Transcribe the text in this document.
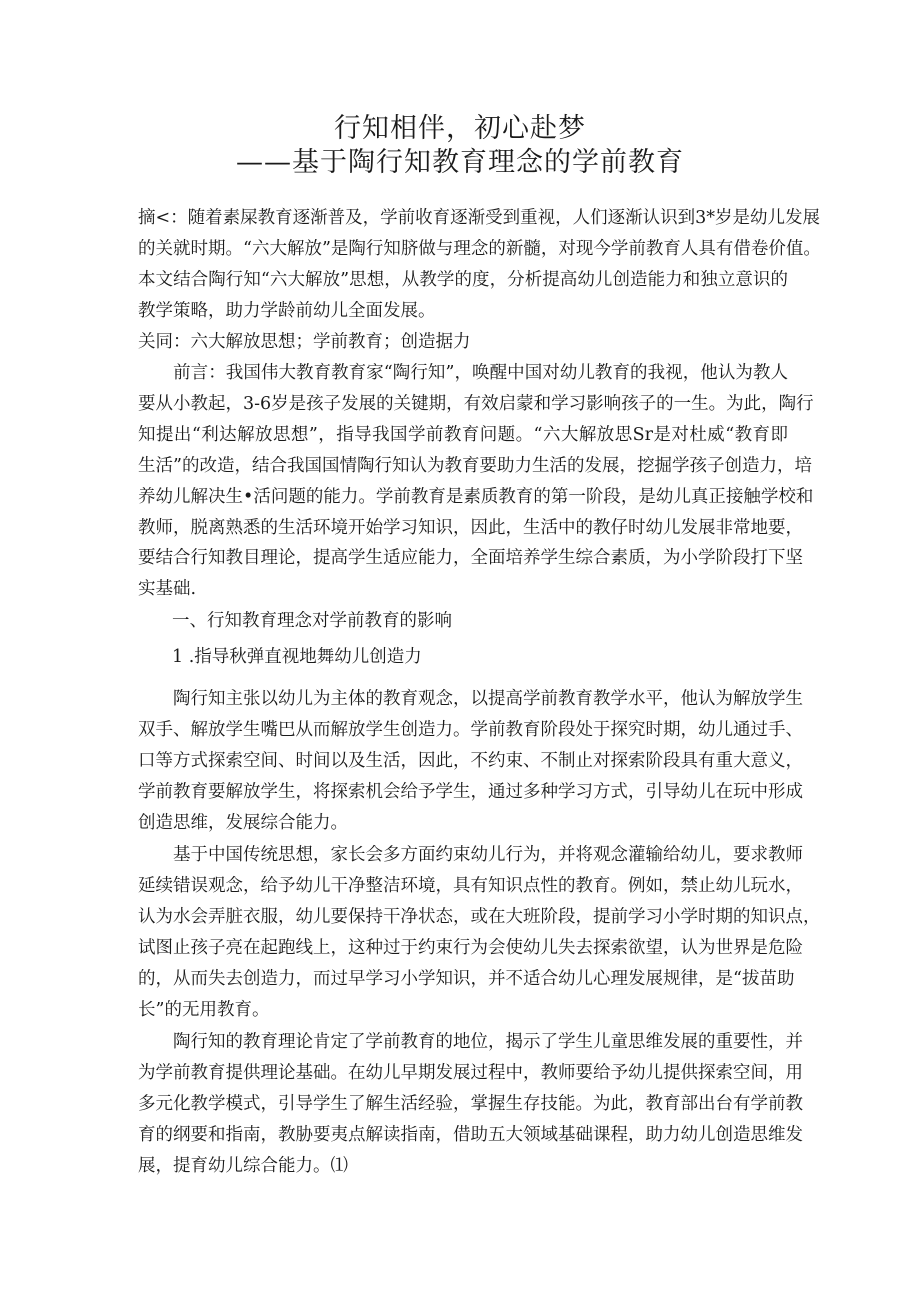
行知相伴，初心赴梦
——基于陶行知教育理念的学前教育
摘<：随着素屎教育逐渐普及，学前收育逐渐受到重视，人们逐渐认识到3*岁是幼儿发展
的关就时期。“六大解放”是陶行知脐做与理念的新髓，对现今学前教育人具有借卷价值。
本文结合陶行知“六大解放”思想，从教学的度，分析提高幼儿创造能力和独立意识的
教学策略，助力学龄前幼儿全面发展。
关同：六大解放思想；学前教育；创造据力
　　前言：我国伟大教育教育家“陶行知”，唤醒中国对幼儿教育的我视，他认为教人
要从小教起，3-6岁是孩子发展的关键期，有效启蒙和学习影响孩子的一生。为此，陶行
知提出“利达解放思想”，指导我国学前教育问题。“六大解放思Sr是对杜威“教育即
生活”的改造，结合我国国情陶行知认为教育要助力生活的发展，挖掘学孩子创造力，培
养幼儿解决生•活问题的能力。学前教育是素质教育的第一阶段，是幼儿真正接触学校和
教师，脱离熟悉的生活环境开始学习知识，因此，生活中的教仔时幼儿发展非常地要，
要结合行知教目理论，提高学生适应能力，全面培养学生综合素质，为小学阶段打下坚
实基础.
一、行知教育理念对学前教育的影响
1 .指导秋弹直视地舞幼儿创造力
　　陶行知主张以幼儿为主体的教育观念，以提高学前教育教学水平，他认为解放学生
双手、解放学生嘴巴从而解放学生创造力。学前教育阶段处于探究时期，幼儿通过手、
口等方式探索空间、时间以及生活，因此，不约束、不制止对探索阶段具有重大意义，
学前教育要解放学生，将探索机会给予学生，通过多种学习方式，引导幼儿在玩中形成
创造思维，发展综合能力。
　　基于中国传统思想，家长会多方面约束幼儿行为，并将观念灌输给幼儿，要求教师
延续错误观念，给予幼儿干净整洁环境，具有知识点性的教育。例如，禁止幼儿玩水，
认为水会弄脏衣服，幼儿要保持干净状态，或在大班阶段，提前学习小学时期的知识点，
试图止孩子亮在起跑线上，这种过于约束行为会使幼儿失去探索欲望，认为世界是危险
的，从而失去创造力，而过早学习小学知识，并不适合幼儿心理发展规律，是“拔苗助
长”的无用教育。
　　陶行知的教育理论肯定了学前教育的地位，揭示了学生儿童思维发展的重要性，并
为学前教育提供理论基础。在幼儿早期发展过程中，教师要给予幼儿提供探索空间，用
多元化教学模式，引导学生了解生活经验，掌握生存技能。为此，教育部出台有学前教
育的纲要和指南，教胁要夷点解读指南，借助五大领域基础课程，助力幼儿创造思维发
展，提育幼儿综合能力。⑴
